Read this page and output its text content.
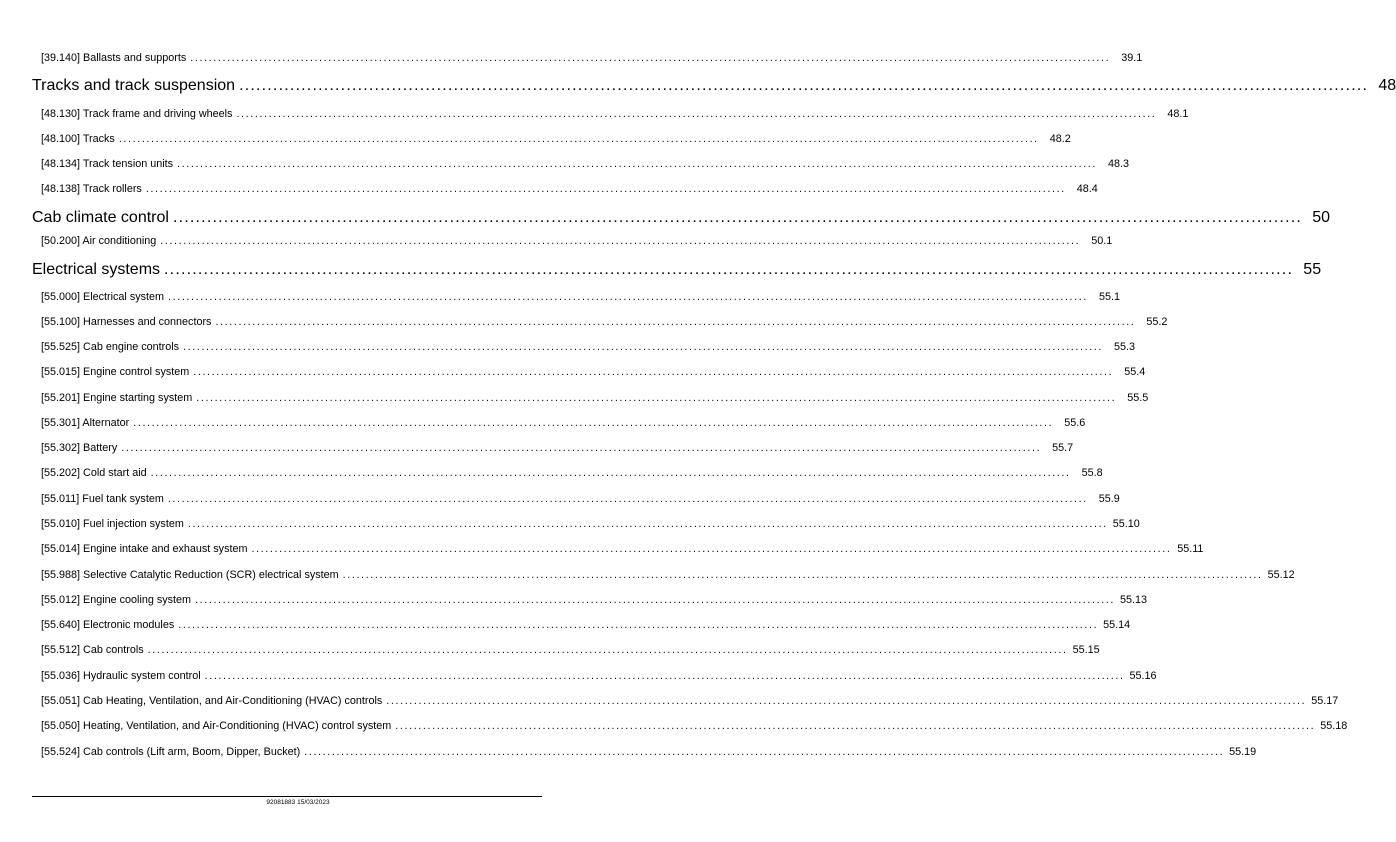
[39.140] Ballasts and supports ........................................................................................................................................................................................................	39.1
Tracks and track suspension ........................................................................................................................................................................................................ 48
[48.130] Track frame and driving wheels ........................................................................................................................................................................................................	48.1
[48.100] Tracks ........................................................................................................................................................................................................	48.2
[48.134] Track tension units ........................................................................................................................................................................................................	48.3
[48.138] Track rollers ........................................................................................................................................................................................................	48.4
Cab climate control ........................................................................................................................................................................................................ 50
[50.200] Air conditioning ........................................................................................................................................................................................................	50.1
Electrical systems ........................................................................................................................................................................................................ 55
[55.000] Electrical system ........................................................................................................................................................................................................	55.1
[55.100] Harnesses and connectors ........................................................................................................................................................................................................	55.2
[55.525] Cab engine controls ........................................................................................................................................................................................................	55.3
[55.015] Engine control system ........................................................................................................................................................................................................	55.4
[55.201] Engine starting system ........................................................................................................................................................................................................	55.5
[55.301] Alternator ........................................................................................................................................................................................................	55.6
[55.302] Battery ........................................................................................................................................................................................................	55.7
[55.202] Cold start aid ........................................................................................................................................................................................................	55.8
[55.011] Fuel tank system ........................................................................................................................................................................................................	55.9
[55.010] Fuel injection system ........................................................................................................................................................................................................ 55.10
[55.014] Engine intake and exhaust system ........................................................................................................................................................................................................ 55.11
[55.988] Selective Catalytic Reduction (SCR) electrical system ........................................................................................................................................................................................................ 55.12
[55.012] Engine cooling system ........................................................................................................................................................................................................ 55.13
[55.640] Electronic modules ........................................................................................................................................................................................................ 55.14
[55.512] Cab controls ........................................................................................................................................................................................................ 55.15
[55.036] Hydraulic system control ........................................................................................................................................................................................................ 55.16
[55.051] Cab Heating, Ventilation, and Air-Conditioning (HVAC) controls ........................................................................................................................................................................................................ 55.17
[55.050] Heating, Ventilation, and Air-Conditioning (HVAC) control system ........................................................................................................................................................................................................ 55.18
[55.524] Cab controls (Lift arm, Boom, Dipper, Bucket) ........................................................................................................................................................................................................ 55.19
92081883 15/03/2023
